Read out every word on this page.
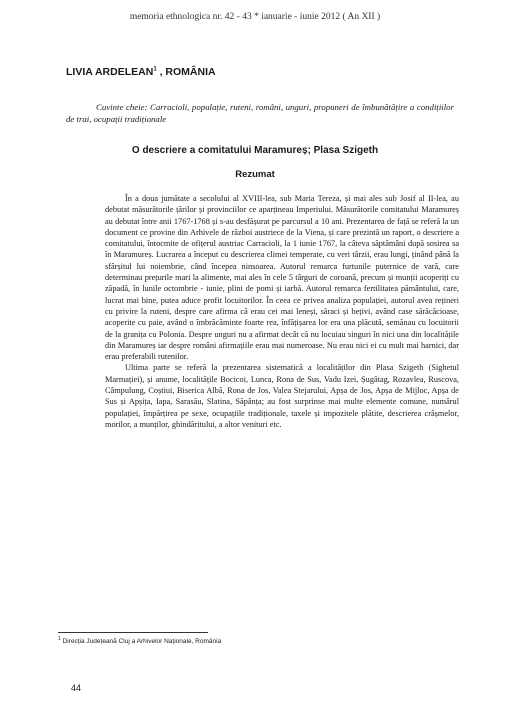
memoria ethnologica nr. 42 - 43 * ianuarie - iunie 2012 ( An XII )
LIVIA ARDELEAN$^1$ , ROMÂNIA
Cuvinte cheie: Carracioli, populație, ruteni, români, unguri, propuneri de îmbunătățire a condițiilor de trai, ocupații tradiționale
O descriere a comitatului Maramureș; Plasa Szigeth
Rezumat

În a doua jumătate a secolului al XVIII-lea, sub Maria Tereza, și mai ales sub Josif al II-lea, au debutat măsurătorile țărilor și provinciilor ce aparțineau Imperiului. Măsurătorile comitatului Maramureș au debutat între anii 1767-1768 și s-au desfășurat pe parcursul a 10 ani. Prezentarea de față se referă la un document ce provine din Arhivele de război austriece de la Viena, și care prezintă un raport, o descriere a comitatului, întocmite de ofițerul austriac Carracioli, la 1 iunie 1767, la câteva săptămâni după sosirea sa în Maramureș. Lucrarea a început cu descrierea climei temperate, cu veri târzii, erau lungi, ținând până la sfârșitul lui noiembrie, când începea ninsoarea. Autorul remarca furtunile puternice de vară, care determinau prețurile mari la alimente, mai ales în cele 5 târguri de coroană, precum și munții acoperiți cu zăpadă, în lunile octombrie - iunie, plini de pomi și iarbă. Autorul remarca fertilitatea pământului, care, lucrat mai bine, putea aduce profit locuitorilor. În ceea ce privea analiza populației, autorul avea rețineri cu privire la ruteni, despre care afirma că erau cei mai leneși, săraci și bețivi, având case sărăcăcioase, acoperite cu paie, având o îmbrăcăminte foarte rea, înfățișarea lor era una plăcută, semănau cu locuitorii de la granița cu Polonia. Despre unguri nu a afirmat decât că nu locuiau singuri în nici una din localitățile din Maramureș iar despre români afirmațiile erau mai numeroase. Nu erau nici ei cu mult mai harnici, dar erau preferabili rutenilor.

Ultima parte se referă la prezentarea sistematică a localităților din Plasa Szigeth (Sighetul Marmației), și anume, localitățile Bocicoi, Lunca, Rona de Sus, Vadu Izei, Șugătag, Rozavlea, Ruscova, Câmpulung, Coștiui, Biserica Albă, Rona de Jos, Valea Stejarului, Apșa de Jos, Apșa de Mijloc, Apșa de Sus și Apșița, Iapa, Sarasău, Slatina, Săpânța; au fost surprinse mai multe elemente comune, numărul populației, împărțirea pe sexe, ocupațiile tradiționale, taxele și impozitele plătite, descrierea crâșmelor, morilor, a munților, ghindăritului, a altor venituri etc.

$^1$ Direcția Județeană Cluj a Arhivelor Naționale, România
44
